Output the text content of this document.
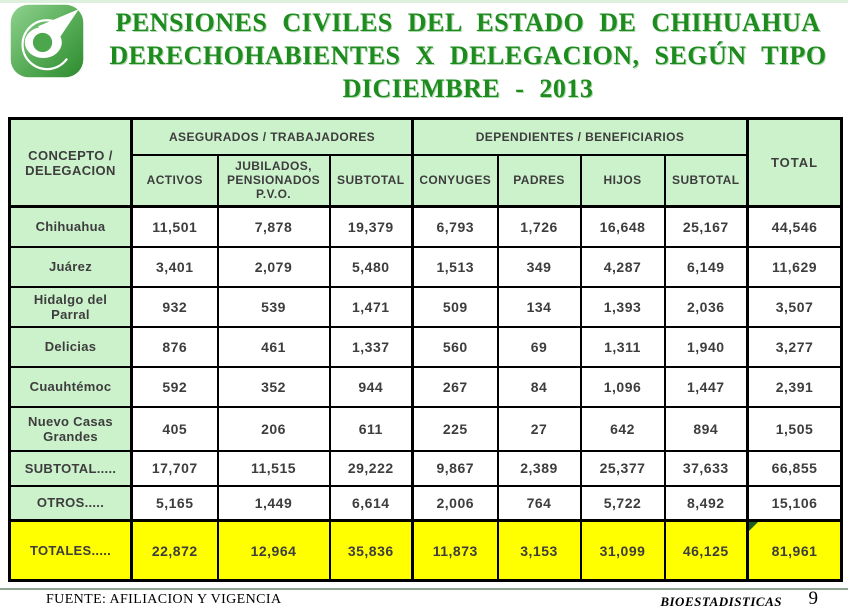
PENSIONES CIVILES DEL ESTADO DE CHIHUAHUA
DERECHOHABIENTES X DELEGACION, SEGÚN TIPO
DICIEMBRE - 2013
CONCEPTO / DELEGACION	ASEGURADOS / TRABAJADORES			DEPENDIENTES / BENEFICIARIOS				TOTAL
	ACTIVOS	JUBILADOS, PENSIONADOS P.V.O.	SUBTOTAL	CONYUGES	PADRES	HIJOS	SUBTOTAL	
Chihuahua	11,501	7,878	19,379	6,793	1,726	16,648	25,167	44,546
Juárez	3,401	2,079	5,480	1,513	349	4,287	6,149	11,629
Hidalgo del Parral	932	539	1,471	509	134	1,393	2,036	3,507
Delicias	876	461	1,337	560	69	1,311	1,940	3,277
Cuauhtémoc	592	352	944	267	84	1,096	1,447	2,391
Nuevo Casas Grandes	405	206	611	225	27	642	894	1,505
SUBTOTAL.....	17,707	11,515	29,222	9,867	2,389	25,377	37,633	66,855
OTROS.....	5,165	1,449	6,614	2,006	764	5,722	8,492	15,106
TOTALES.....	22,872	12,964	35,836	11,873	3,153	31,099	46,125	81,961
FUENTE: AFILIACION Y VIGENCIA	BIOESTADISTICAS 9
